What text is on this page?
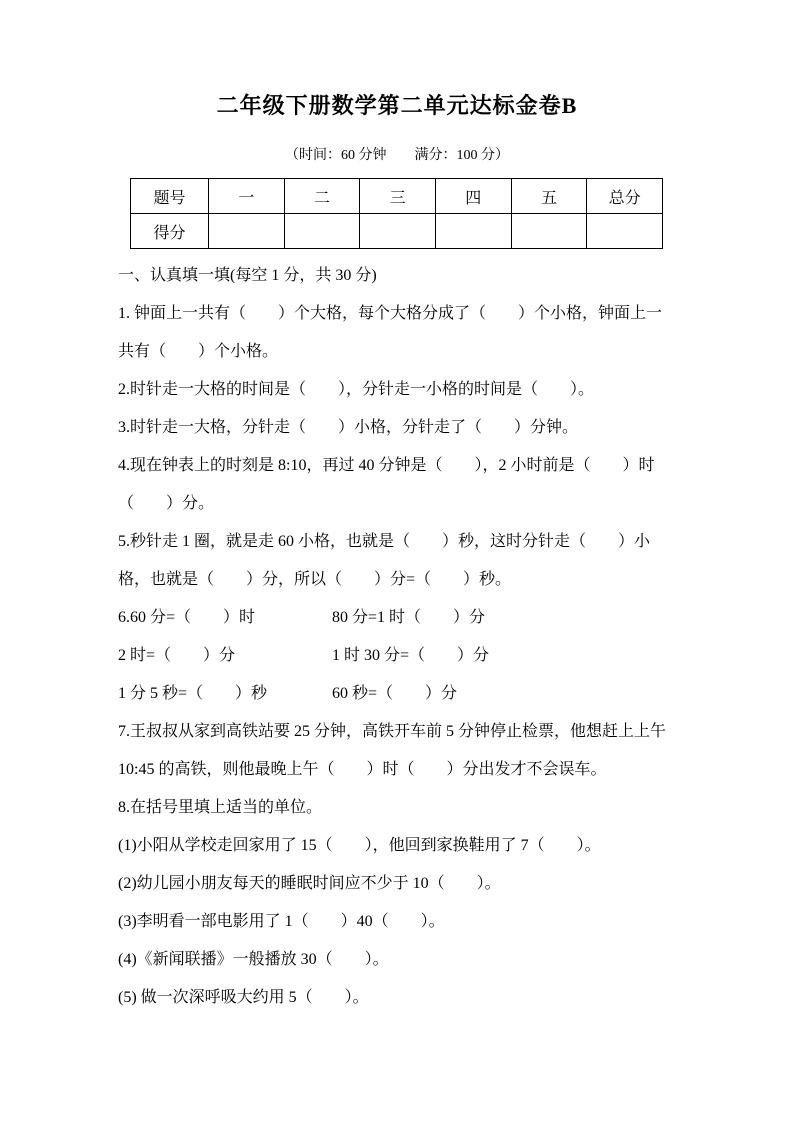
二年级下册数学第二单元达标金卷B
（时间：60 分钟　　满分：100 分）
题号	一	二	三	四	五	总分
得分						

一、认真填一填(每空 1 分，共 30 分)

1. 钟面上一共有（　　）个大格，每个大格分成了（　　）个小格，钟面上一共有（　　）个小格。

2.时针走一大格的时间是（　　），分针走一小格的时间是（　　）。

3.时针走一大格，分针走（　　）小格，分针走了（　　）分钟。

4.现在钟表上的时刻是 8:10，再过 40 分钟是（　　），2 小时前是（　　）时（　　）分。

5.秒针走 1 圈，就是走 60 小格，也就是（　　）秒，这时分针走（　　）小格，也就是（　　）分，所以（　　）分=（　　）秒。

6.60 分=（　　）时	80 分=1 时（　　）分
2 时=（　　）分	1 时 30 分=（　　）分
1 分 5 秒=（　　）秒	60 秒=（　　）分

7.王叔叔从家到高铁站要 25 分钟，高铁开车前 5 分钟停止检票，他想赶上上午 10:45 的高铁，则他最晚上午（　　）时（　　）分出发才不会误车。

8.在括号里填上适当的单位。

(1)小阳从学校走回家用了 15（　　），他回到家换鞋用了 7（　　）。

(2)幼儿园小朋友每天的睡眠时间应不少于 10（　　）。

(3)李明看一部电影用了 1（　　）40（　　）。

(4)《新闻联播》一般播放 30（　　）。

(5) 做一次深呼吸大约用 5（　　）。
